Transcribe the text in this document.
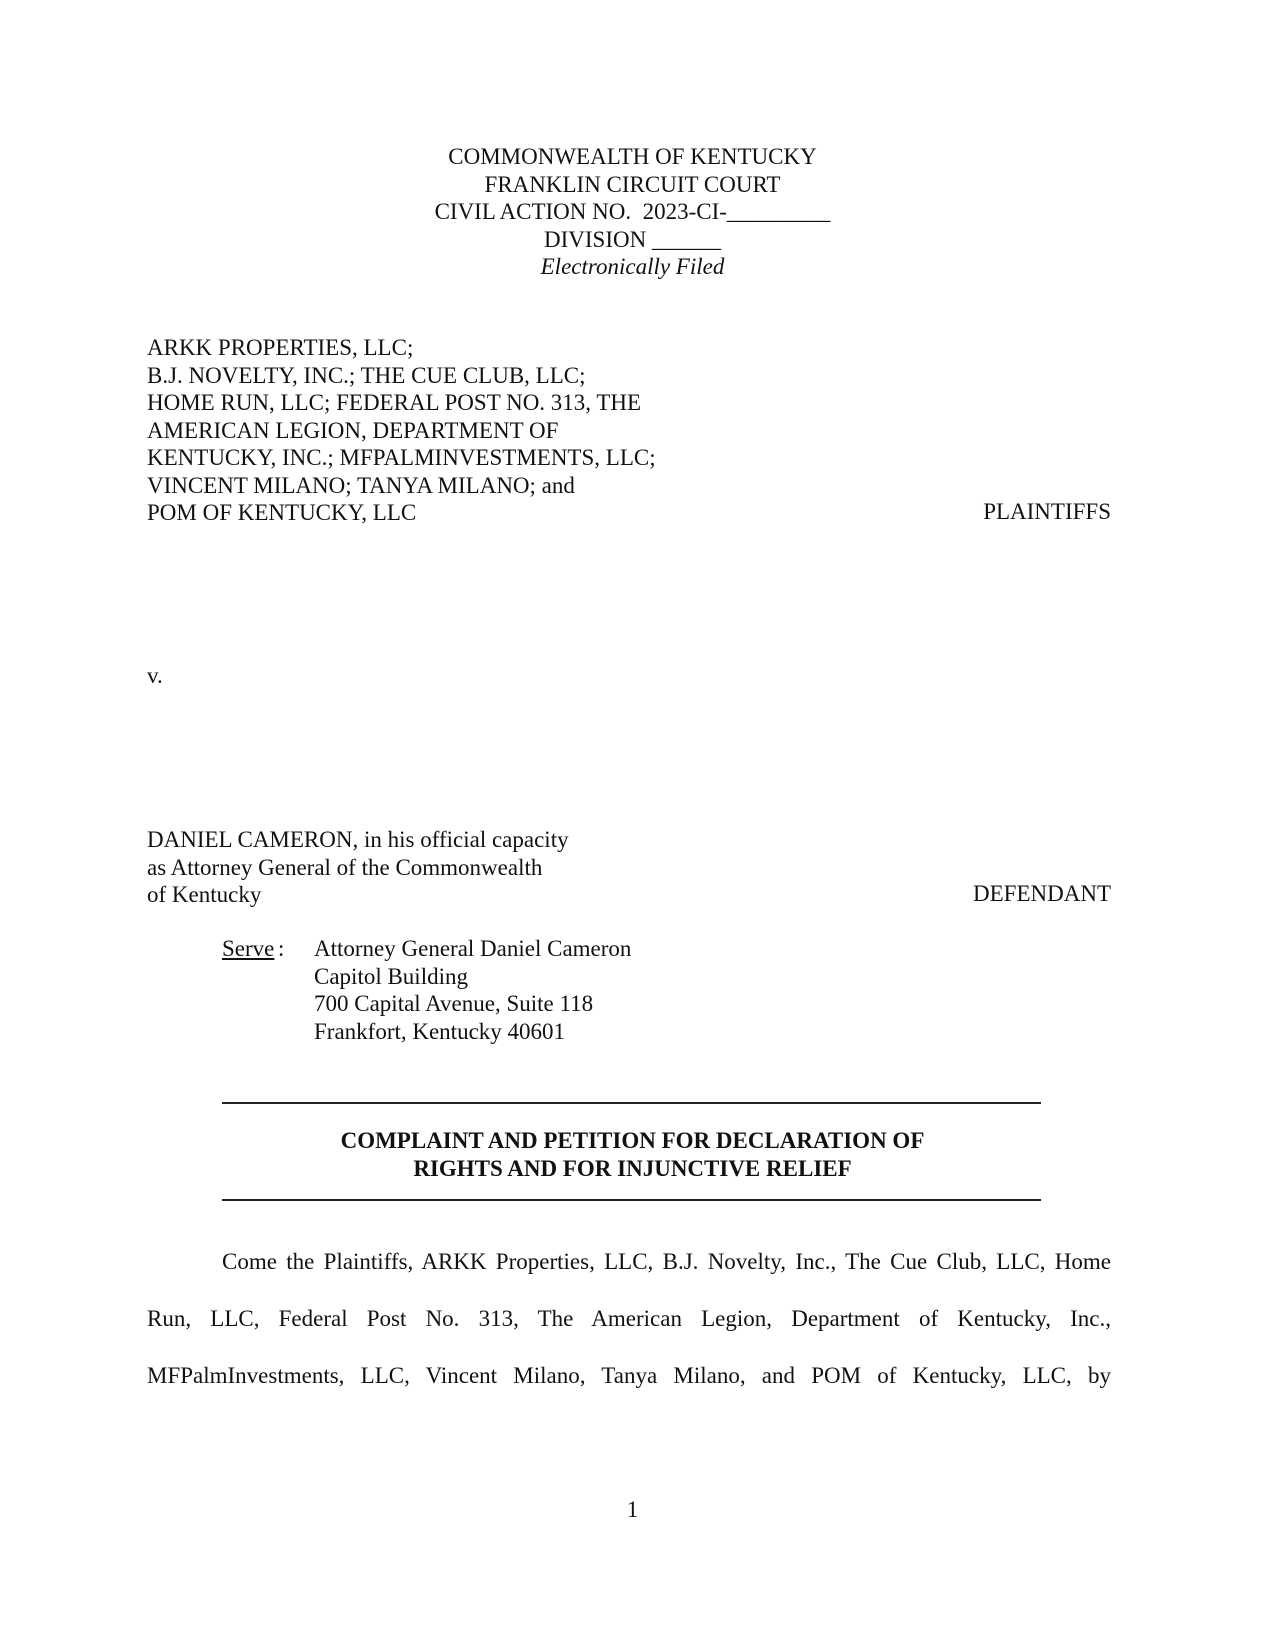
COMMONWEALTH OF KENTUCKY
FRANKLIN CIRCUIT COURT
CIVIL ACTION NO.  2023-CI-_________
DIVISION ______
Electronically Filed
ARKK PROPERTIES, LLC;
B.J. NOVELTY, INC.; THE CUE CLUB, LLC;
HOME RUN, LLC; FEDERAL POST NO. 313, THE
AMERICAN LEGION, DEPARTMENT OF
KENTUCKY, INC.; MFPALMINVESTMENTS, LLC;
VINCENT MILANO; TANYA MILANO; and
POM OF KENTUCKY, LLC	PLAINTIFFS
v.
DANIEL CAMERON, in his official capacity
as Attorney General of the Commonwealth
of Kentucky	DEFENDANT
Serve : Attorney General Daniel Cameron
Capitol Building
700 Capital Avenue, Suite 118
Frankfort, Kentucky 40601
COMPLAINT AND PETITION FOR DECLARATION OF
RIGHTS AND FOR INJUNCTIVE RELIEF
Come the Plaintiffs, ARKK Properties, LLC, B.J. Novelty, Inc., The Cue Club, LLC, Home
Run, LLC, Federal Post No. 313, The American Legion, Department of Kentucky, Inc.,
MFPalmInvestments, LLC, Vincent Milano, Tanya Milano, and POM of Kentucky, LLC, by
1
